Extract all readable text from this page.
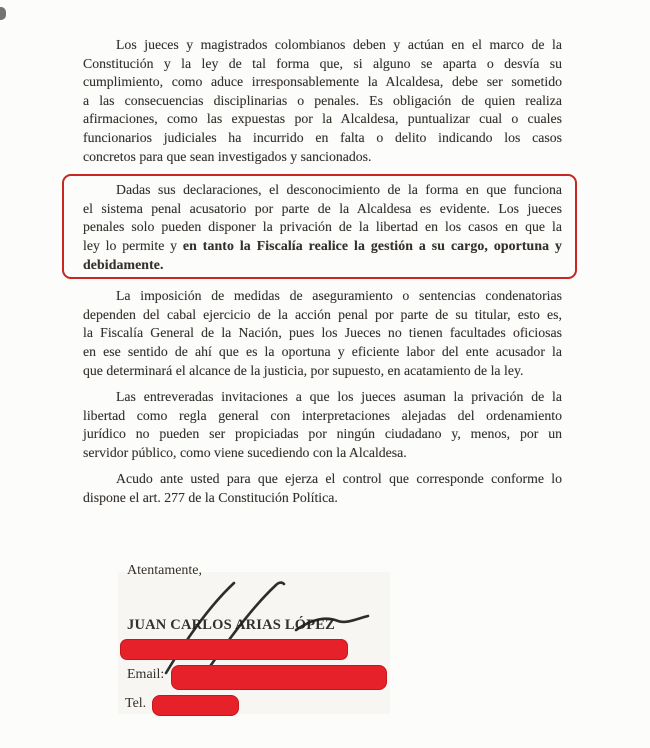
Los jueces y magistrados colombianos deben y actúan en el marco de la
Constitución y la ley de tal forma que, si alguno se aparta o desvía su
cumplimiento, como aduce irresponsablemente la Alcaldesa, debe ser sometido
a las consecuencias disciplinarias o penales. Es obligación de quien realiza
afirmaciones, como las expuestas por la Alcaldesa, puntualizar cual o cuales
funcionarios judiciales ha incurrido en falta o delito indicando los casos
concretos para que sean investigados y sancionados.
Dadas sus declaraciones, el desconocimiento de la forma en que funciona
el sistema penal acusatorio por parte de la Alcaldesa es evidente. Los jueces
penales solo pueden disponer la privación de la libertad en los casos en que la
ley lo permite y en tanto la Fiscalía realice la gestión a su cargo, oportuna y
debidamente.
La imposición de medidas de aseguramiento o sentencias condenatorias
dependen del cabal ejercicio de la acción penal por parte de su titular, esto es,
la Fiscalía General de la Nación, pues los Jueces no tienen facultades oficiosas
en ese sentido de ahí que es la oportuna y eficiente labor del ente acusador la
que determinará el alcance de la justicia, por supuesto, en acatamiento de la ley.
Las entreveradas invitaciones a que los jueces asuman la privación de la
libertad como regla general con interpretaciones alejadas del ordenamiento
jurídico no pueden ser propiciadas por ningún ciudadano y, menos, por un
servidor público, como viene sucediendo con la Alcaldesa.
Acudo ante usted para que ejerza el control que corresponde conforme lo
dispone el art. 277 de la Constitución Política.
Atentamente,
JUAN CARLOS ARIAS LÓPEZ
Email:
Tel.
